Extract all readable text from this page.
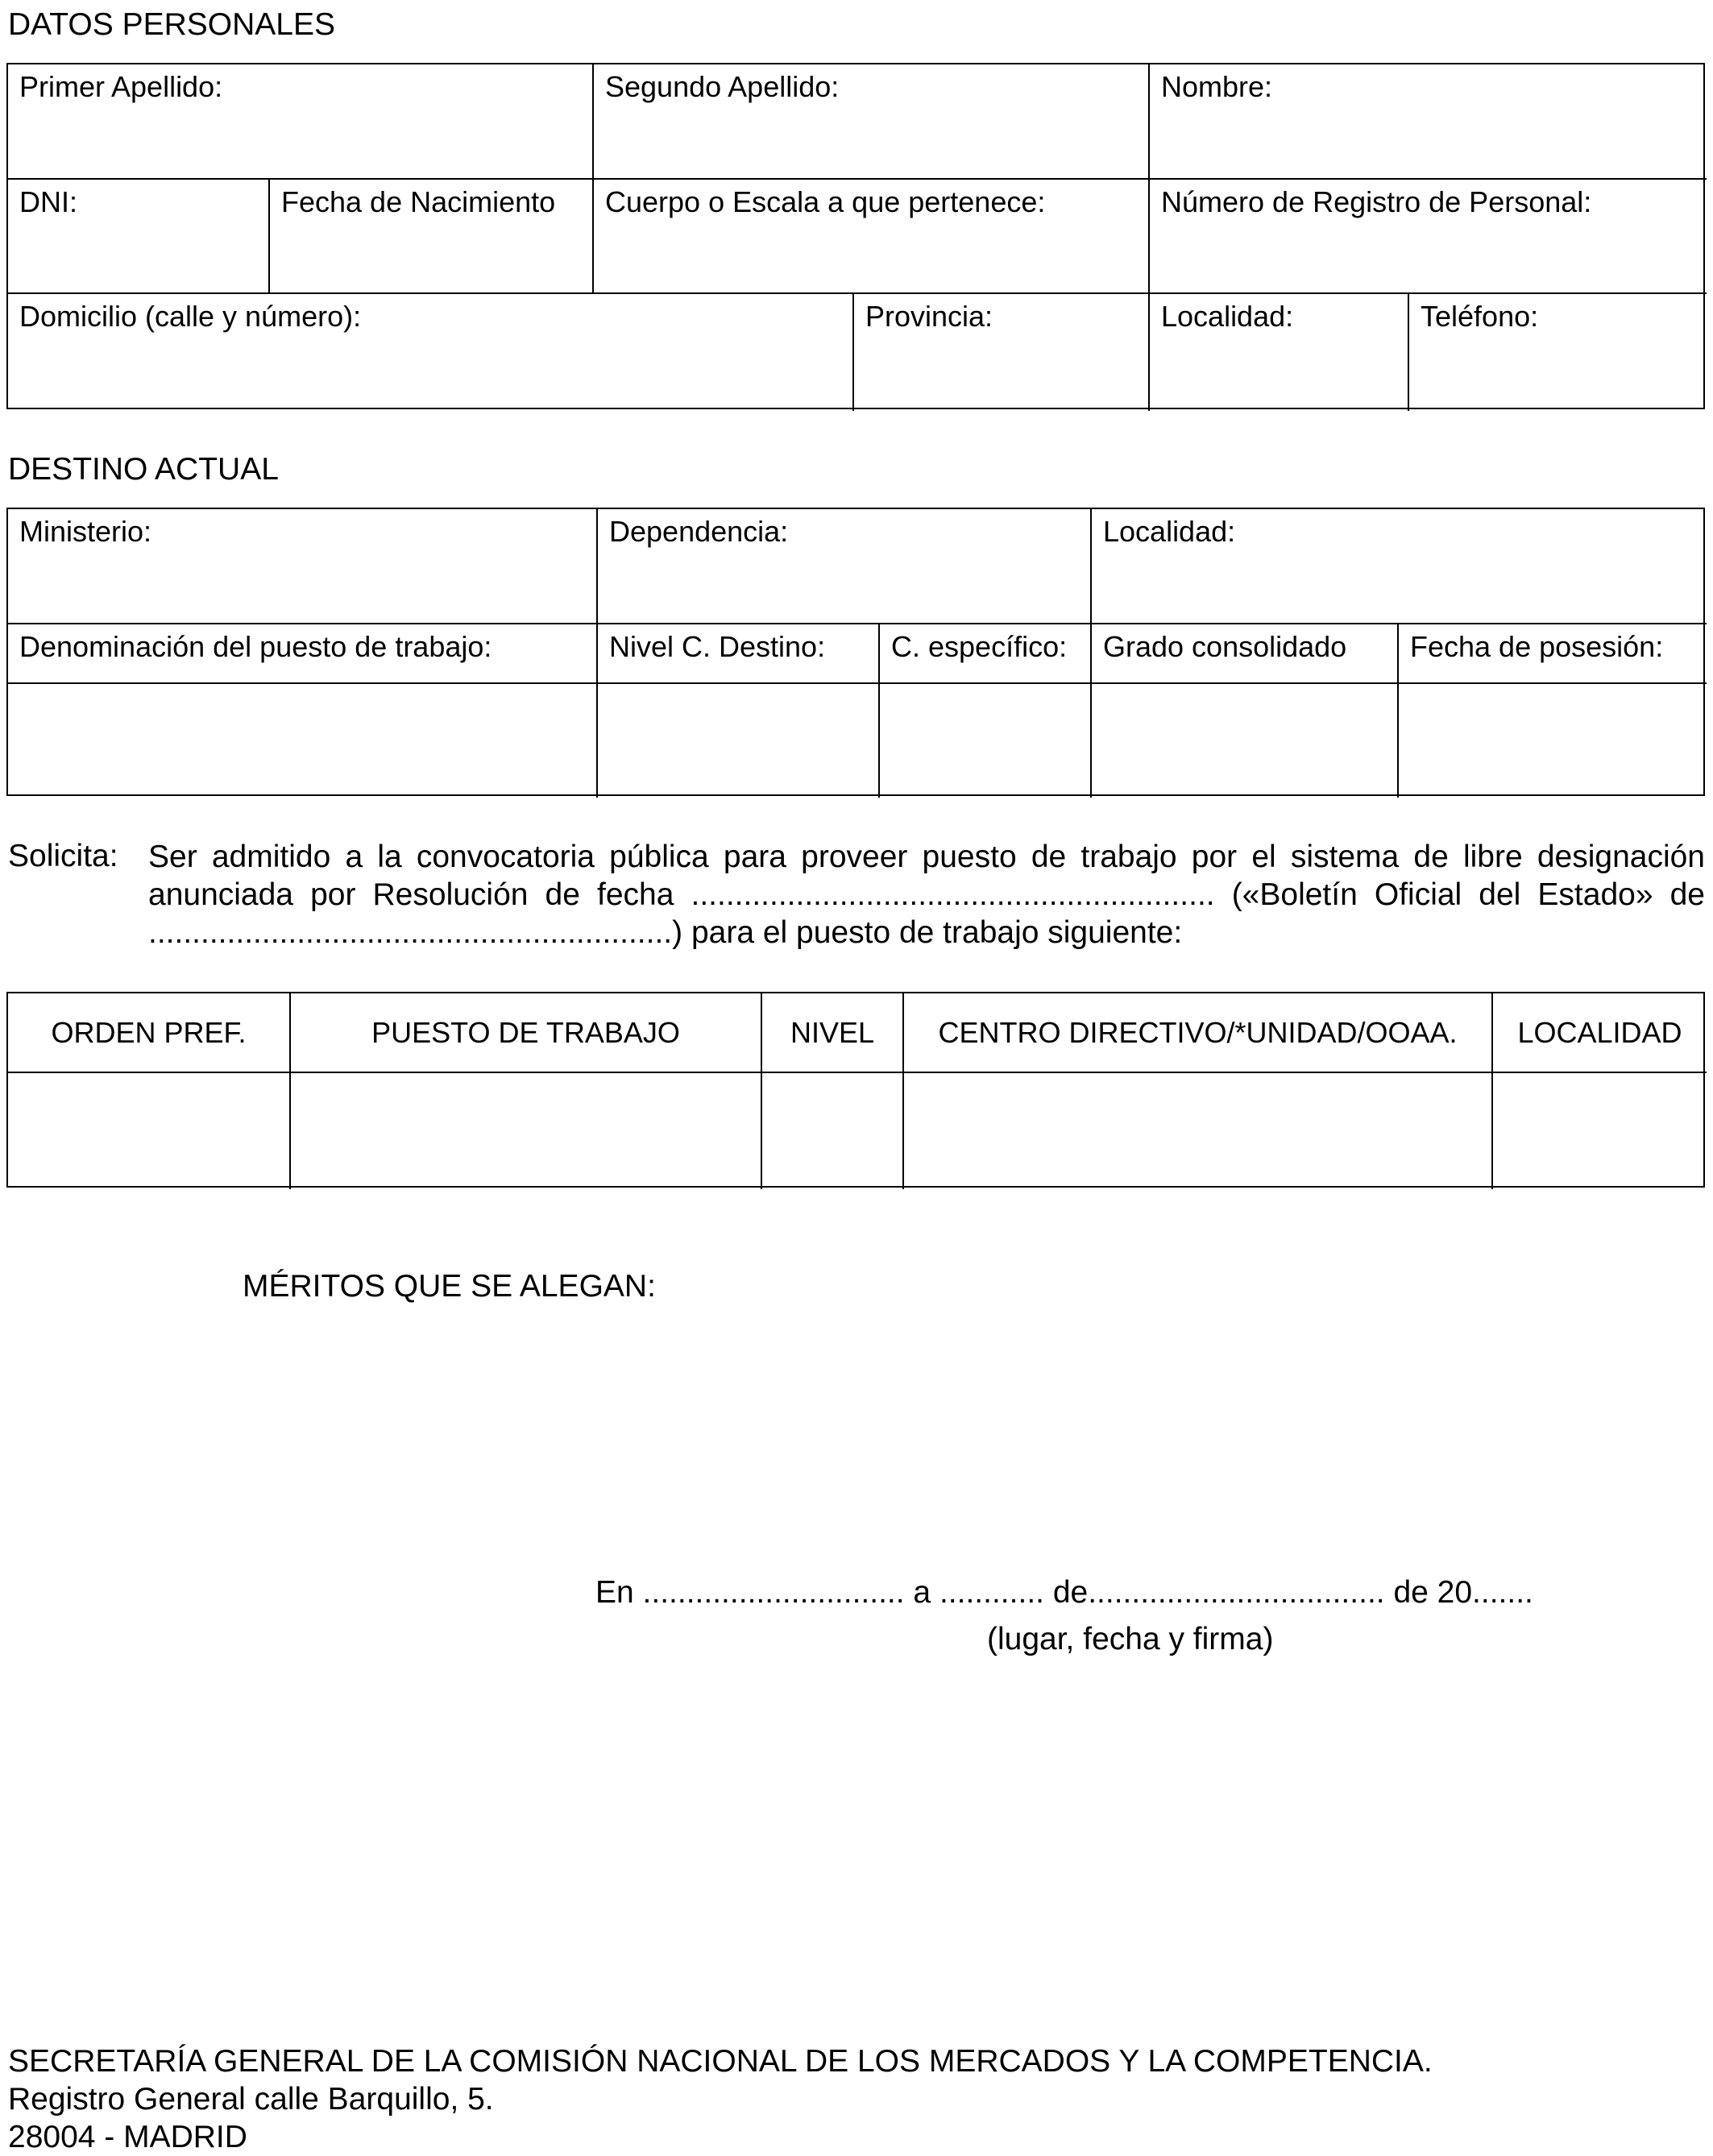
DATOS PERSONALES
Primer Apellido:	Segundo Apellido:	Nombre:
DNI:	Fecha de Nacimiento	Cuerpo o Escala a que pertenece:	Número de Registro de Personal:
Domicilio (calle y número):	Provincia:	Localidad:	Teléfono:
DESTINO ACTUAL
Ministerio:	Dependencia:	Localidad:
Denominación del puesto de trabajo:	Nivel C. Destino:	C. específico:	Grado consolidado	Fecha de posesión:
Solicita: Ser admitido a la convocatoria pública para proveer puesto de trabajo por el sistema de libre designación anunciada por Resolución de fecha ............................................................ («Boletín Oficial del Estado» de ............................................................) para el puesto de trabajo siguiente:
ORDEN PREF.	PUESTO DE TRABAJO	NIVEL	CENTRO DIRECTIVO/*UNIDAD/OOAA.	LOCALIDAD
MÉRITOS QUE SE ALEGAN:
En .............................. a ............ de.................................. de 20.......
(lugar, fecha y firma)
SECRETARÍA GENERAL DE LA COMISIÓN NACIONAL DE LOS MERCADOS Y LA COMPETENCIA.
Registro General calle Barquillo, 5.
28004 - MADRID
